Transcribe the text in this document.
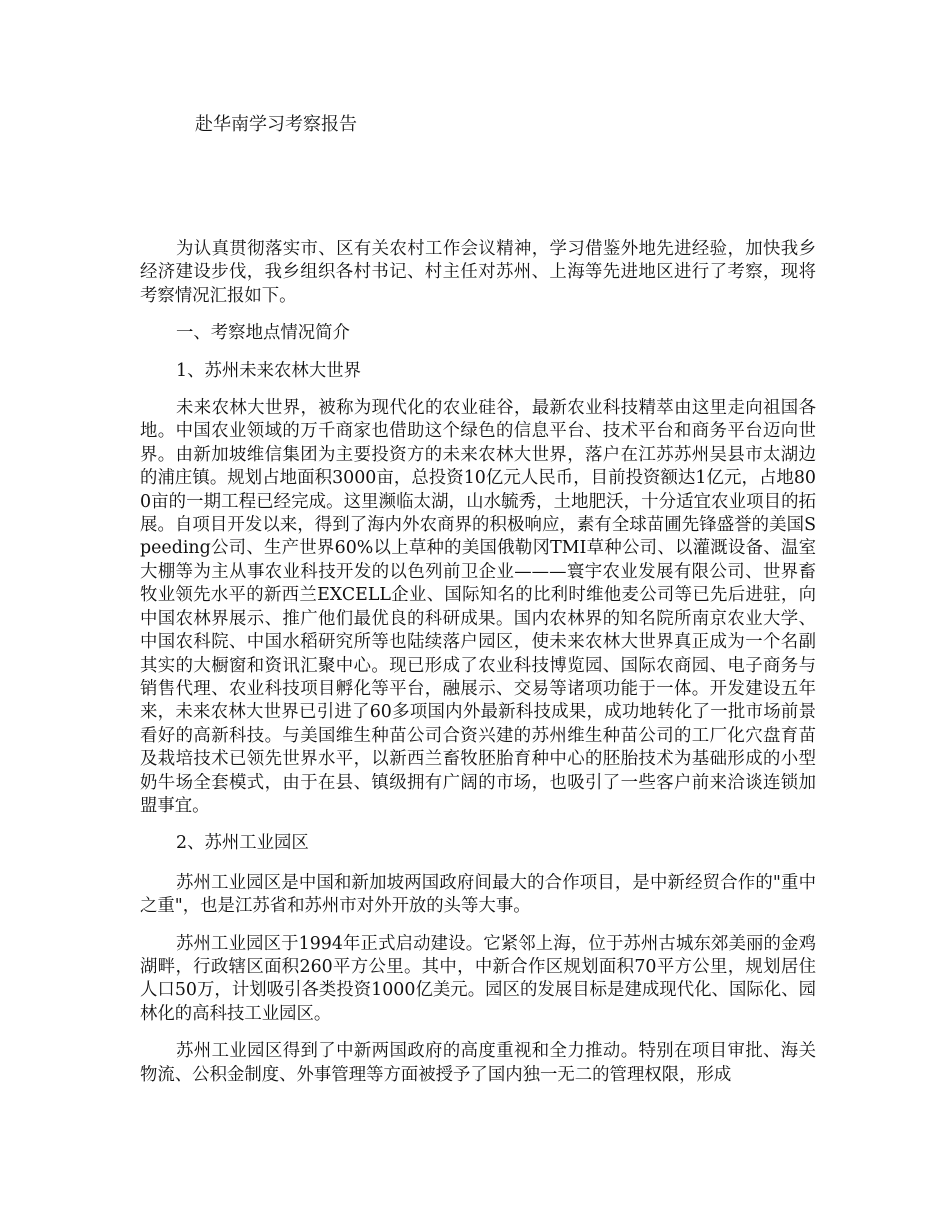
赴华南学习考察报告

为认真贯彻落实市、区有关农村工作会议精神，学习借鉴外地先进经验，加快我乡经济建设步伐，我乡组织各村书记、村主任对苏州、上海等先进地区进行了考察，现将考察情况汇报如下。

一、考察地点情况简介

1、苏州未来农林大世界

未来农林大世界，被称为现代化的农业硅谷，最新农业科技精萃由这里走向祖国各地。中国农业领域的万千商家也借助这个绿色的信息平台、技术平台和商务平台迈向世界。由新加坡维信集团为主要投资方的未来农林大世界，落户在江苏苏州吴县市太湖边的浦庄镇。规划占地面积3000亩，总投资10亿元人民币，目前投资额达1亿元，占地800亩的一期工程已经完成。这里濒临太湖，山水毓秀，土地肥沃，十分适宜农业项目的拓展。自项目开发以来，得到了海内外农商界的积极响应，素有全球苗圃先锋盛誉的美国Speeding公司、生产世界60%以上草种的美国俄勒冈TMI草种公司、以灌溉设备、温室大棚等为主从事农业科技开发的以色列前卫企业———寰宇农业发展有限公司、世界畜牧业领先水平的新西兰EXCELL企业、国际知名的比利时维他麦公司等已先后进驻，向中国农林界展示、推广他们最优良的科研成果。国内农林界的知名院所南京农业大学、中国农科院、中国水稻研究所等也陆续落户园区，使未来农林大世界真正成为一个名副其实的大橱窗和资讯汇聚中心。现已形成了农业科技博览园、国际农商园、电子商务与销售代理、农业科技项目孵化等平台，融展示、交易等诸项功能于一体。开发建设五年来，未来农林大世界已引进了60多项国内外最新科技成果，成功地转化了一批市场前景看好的高新科技。与美国维生种苗公司合资兴建的苏州维生种苗公司的工厂化穴盘育苗及栽培技术已领先世界水平，以新西兰畜牧胚胎育种中心的胚胎技术为基础形成的小型奶牛场全套模式，由于在县、镇级拥有广阔的市场，也吸引了一些客户前来洽谈连锁加盟事宜。

2、苏州工业园区

苏州工业园区是中国和新加坡两国政府间最大的合作项目，是中新经贸合作的"重中之重"，也是江苏省和苏州市对外开放的头等大事。

苏州工业园区于1994年正式启动建设。它紧邻上海，位于苏州古城东郊美丽的金鸡湖畔，行政辖区面积260平方公里。其中，中新合作区规划面积70平方公里，规划居住人口50万，计划吸引各类投资1000亿美元。园区的发展目标是建成现代化、国际化、园林化的高科技工业园区。

苏州工业园区得到了中新两国政府的高度重视和全力推动。特别在项目审批、海关物流、公积金制度、外事管理等方面被授予了国内独一无二的管理权限，形成
